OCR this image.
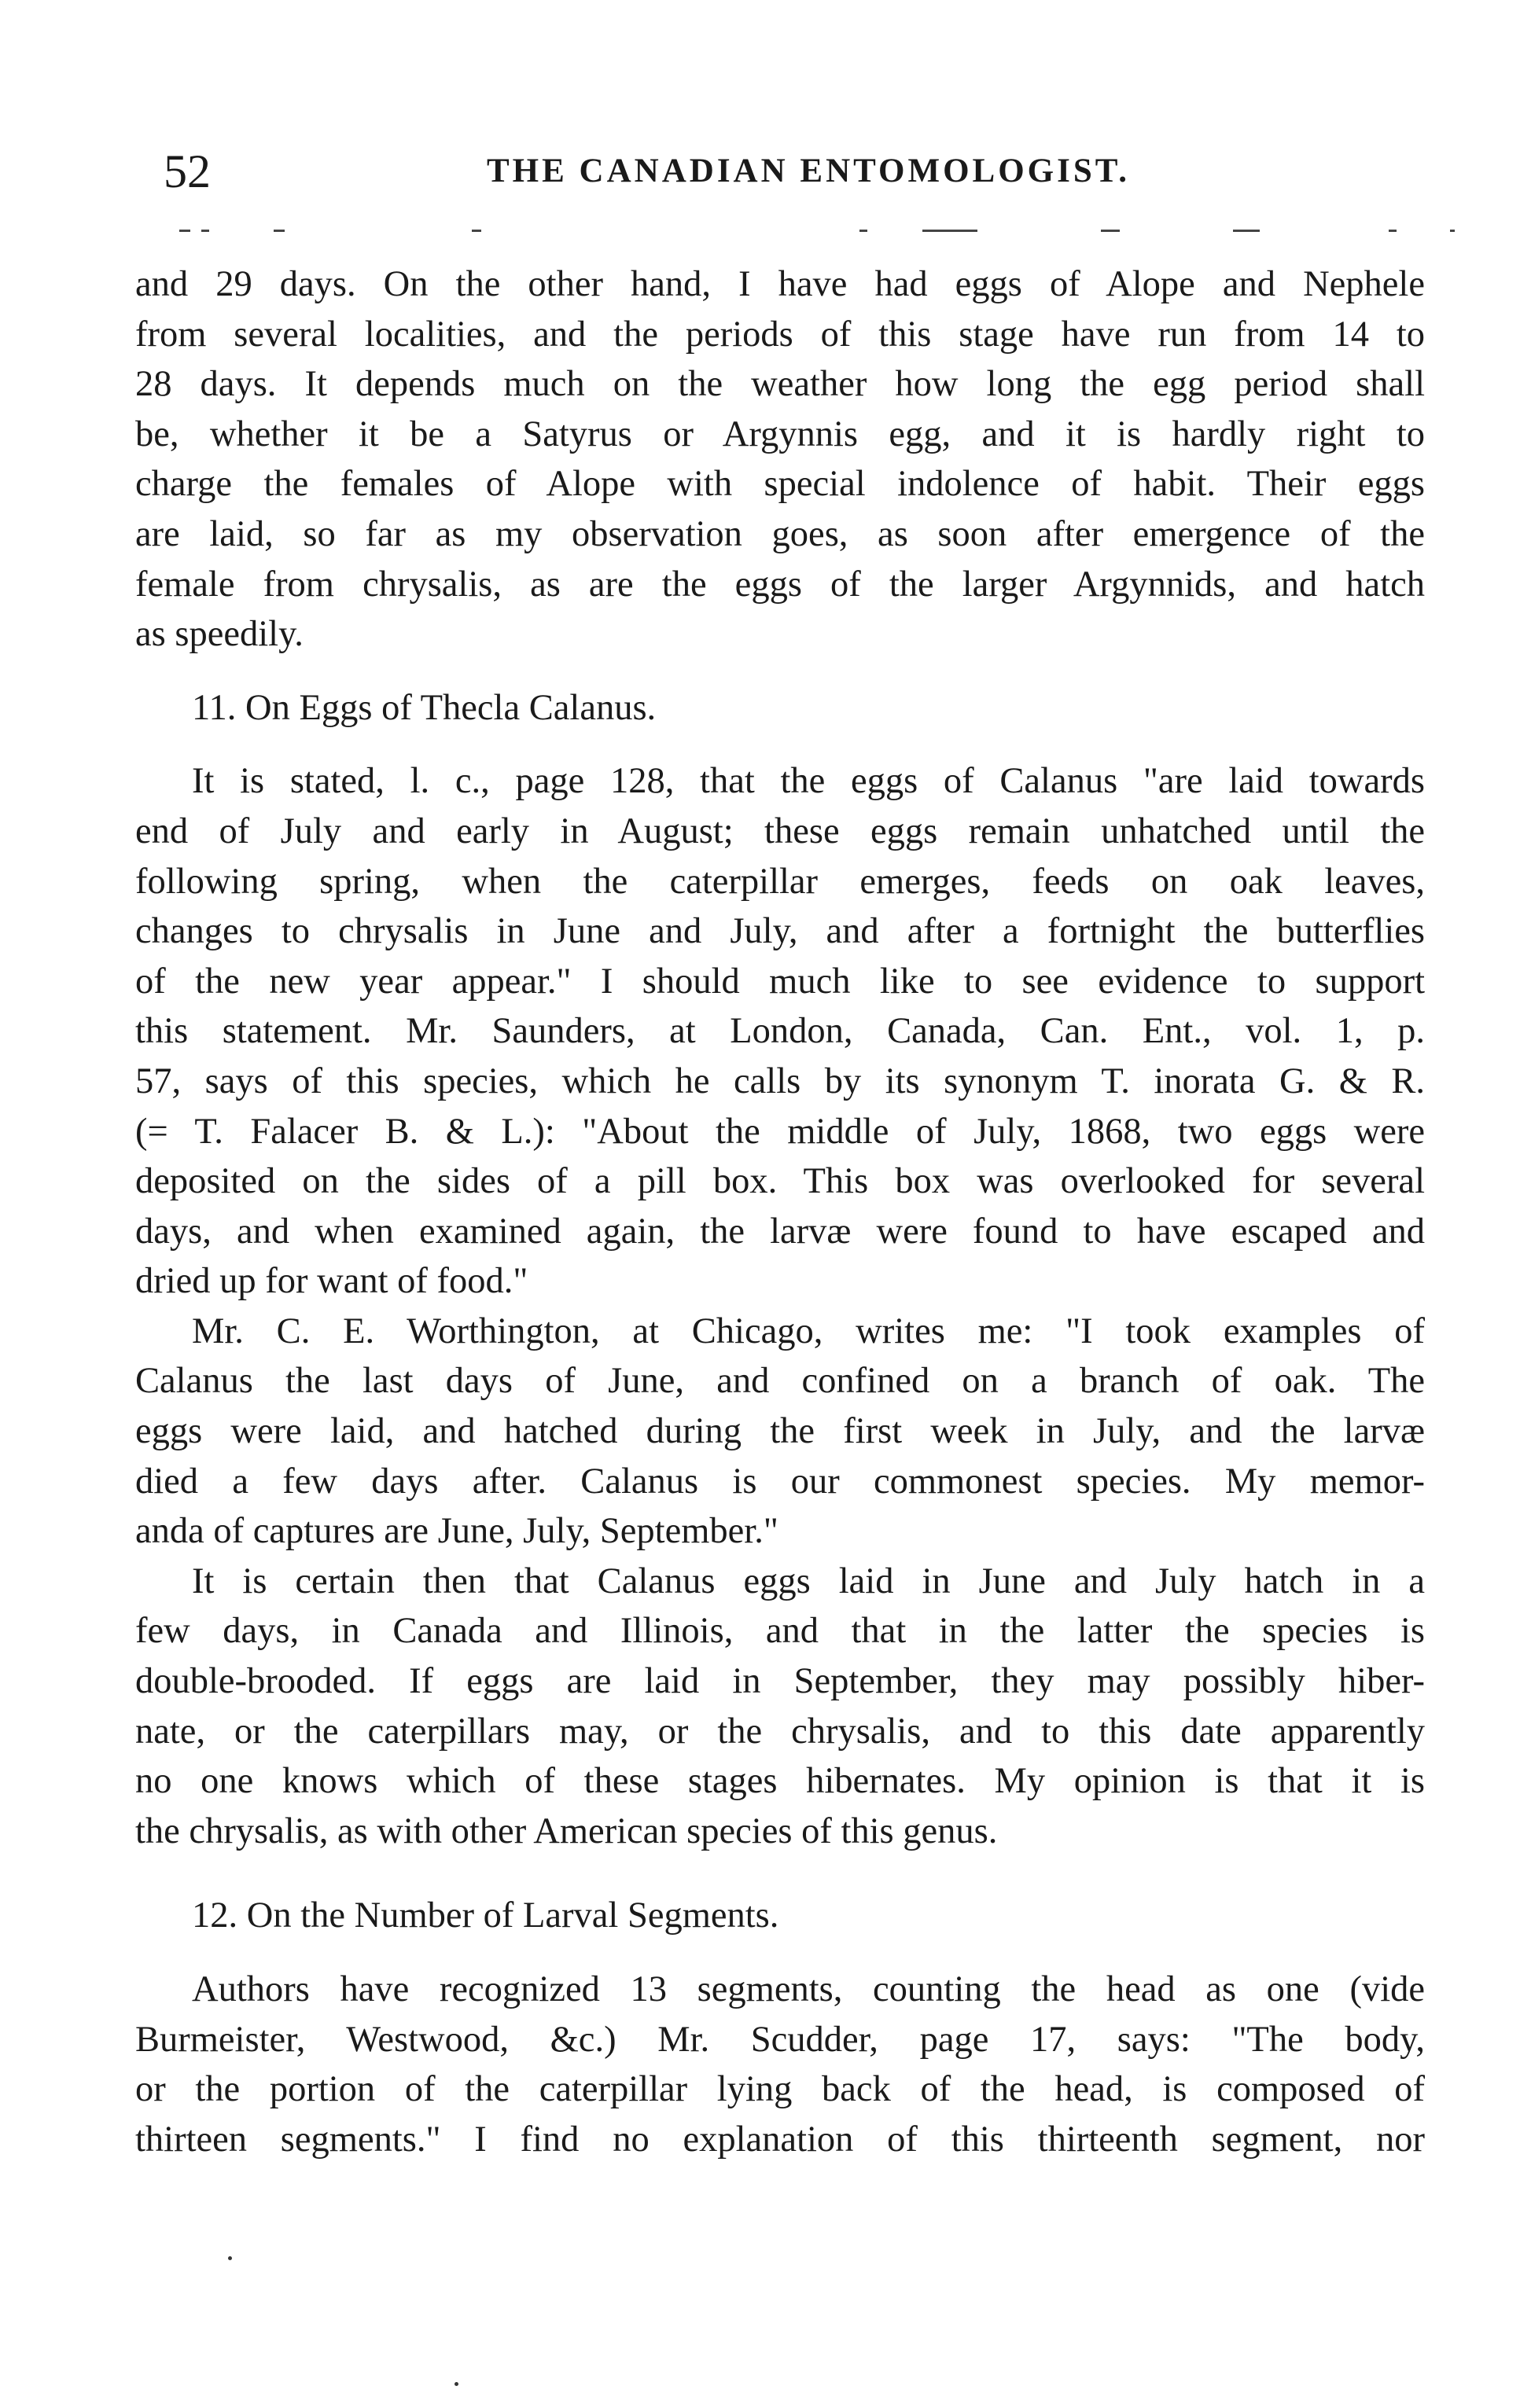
52	THE CANADIAN ENTOMOLOGIST.
and 29 days. On the other hand, I have had eggs of Alope and Nephele
from several localities, and the periods of this stage have run from 14 to
28 days. It depends much on the weather how long the egg period shall
be, whether it be a Satyrus or Argynnis egg, and it is hardly right to
charge the females of Alope with special indolence of habit. Their eggs
are laid, so far as my observation goes, as soon after emergence of the
female from chrysalis, as are the eggs of the larger Argynnids, and hatch
as speedily.
11. On Eggs of Thecla Calanus.
It is stated, l. c., page 128, that the eggs of Calanus "are laid towards
end of July and early in August; these eggs remain unhatched until the
following spring, when the caterpillar emerges, feeds on oak leaves,
changes to chrysalis in June and July, and after a fortnight the butterflies
of the new year appear." I should much like to see evidence to support
this statement. Mr. Saunders, at London, Canada, Can. Ent., vol. 1, p.
57, says of this species, which he calls by its synonym T. inorata G. & R.
(= T. Falacer B. & L.): "About the middle of July, 1868, two eggs were
deposited on the sides of a pill box. This box was overlooked for several
days, and when examined again, the larvæ were found to have escaped and
dried up for want of food."
Mr. C. E. Worthington, at Chicago, writes me: "I took examples of
Calanus the last days of June, and confined on a branch of oak. The
eggs were laid, and hatched during the first week in July, and the larvæ
died a few days after. Calanus is our commonest species. My memor-
anda of captures are June, July, September."
It is certain then that Calanus eggs laid in June and July hatch in a
few days, in Canada and Illinois, and that in the latter the species is
double-brooded. If eggs are laid in September, they may possibly hiber-
nate, or the caterpillars may, or the chrysalis, and to this date apparently
no one knows which of these stages hibernates. My opinion is that it is
the chrysalis, as with other American species of this genus.
12. On the Number of Larval Segments.
Authors have recognized 13 segments, counting the head as one (vide
Burmeister, Westwood, &c.) Mr. Scudder, page 17, says: "The body,
or the portion of the caterpillar lying back of the head, is composed of
thirteen segments." I find no explanation of this thirteenth segment, nor
